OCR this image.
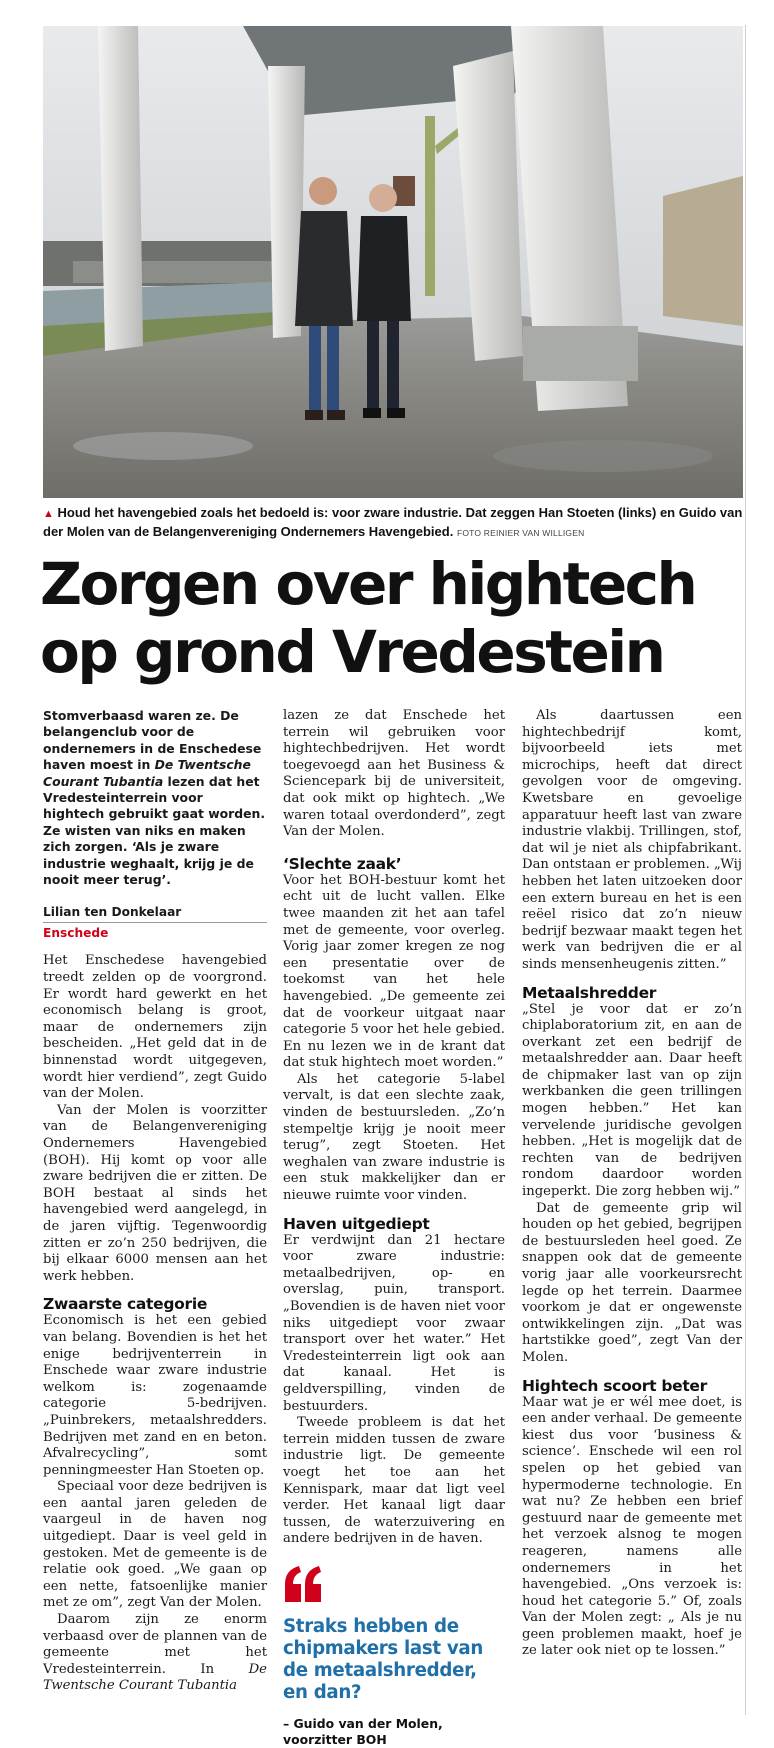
▲ Houd het havengebied zoals het bedoeld is: voor zware industrie. Dat zeggen Han Stoeten (links) en Guido van der Molen van de Belangenvereniging Ondernemers Havengebied. FOTO REINIER VAN WILLIGEN
Zorgen over hightech
op grond Vredestein

Stomverbaasd waren ze. De belangenclub voor de ondernemers in de Enschedese haven moest in De Twentsche Courant Tubantia lezen dat het Vredesteinterrein voor hightech gebruikt gaat worden. Ze wisten van niks en maken zich zorgen. ‘Als je zware industrie weghaalt, krijg je de nooit meer terug’.

Lilian ten Donkelaar
Enschede

Het Enschedese havengebied treedt zelden op de voorgrond. Er wordt hard gewerkt en het economisch belang is groot, maar de ondernemers zijn bescheiden. „Het geld dat in de binnenstad wordt uitgegeven, wordt hier verdiend”, zegt Guido van der Molen.

Van der Molen is voorzitter van de Belangenvereniging Ondernemers Havengebied (BOH). Hij komt op voor alle zware bedrijven die er zitten. De BOH bestaat al sinds het havengebied werd aangelegd, in de jaren vijftig. Tegenwoordig zitten er zo’n 250 bedrijven, die bij elkaar 6000 mensen aan het werk hebben.

Zwaarste categorie

Economisch is het een gebied van belang. Bovendien is het het enige bedrijventerrein in Enschede waar zware industrie welkom is: zogenaamde categorie 5-bedrijven. „Puinbrekers, metaalshredders. Bedrijven met zand en en beton. Afvalrecycling”, somt penningmeester Han Stoeten op.

Speciaal voor deze bedrijven is een aantal jaren geleden de vaargeul in de haven nog uitgediept. Daar is veel geld in gestoken. Met de gemeente is de relatie ook goed. „We gaan op een nette, fatsoenlijke manier met ze om”, zegt Van der Molen.

Daarom zijn ze enorm verbaasd over de plannen van de gemeente met het Vredesteinterrein. In De Twentsche Courant Tubantia

lazen ze dat Enschede het terrein wil gebruiken voor hightechbedrijven. Het wordt toegevoegd aan het Business & Sciencepark bij de universiteit, dat ook mikt op hightech. „We waren totaal overdonderd”, zegt Van der Molen.

‘Slechte zaak’

Voor het BOH-bestuur komt het echt uit de lucht vallen. Elke twee maanden zit het aan tafel met de gemeente, voor overleg. Vorig jaar zomer kregen ze nog een presentatie over de toekomst van het hele havengebied. „De gemeente zei dat de voorkeur uitgaat naar categorie 5 voor het hele gebied. En nu lezen we in de krant dat dat stuk hightech moet worden.”

Als het categorie 5-label vervalt, is dat een slechte zaak, vinden de bestuursleden. „Zo’n stempeltje krijg je nooit meer terug”, zegt Stoeten. Het weghalen van zware industrie is een stuk makkelijker dan er nieuwe ruimte voor vinden.

Haven uitgediept

Er verdwijnt dan 21 hectare voor zware industrie: metaalbedrijven, op- en overslag, puin, transport. „Bovendien is de haven niet voor niks uitgediept voor zwaar transport over het water.” Het Vredesteinterrein ligt ook aan dat kanaal. Het is geldverspilling, vinden de bestuurders.

Tweede probleem is dat het terrein midden tussen de zware industrie ligt. De gemeente voegt het toe aan het Kennispark, maar dat ligt veel verder. Het kanaal ligt daar tussen, de waterzuivering en andere bedrijven in de haven.

Straks hebben de chipmakers last van de metaalshredder, en dan?
– Guido van der Molen, voorzitter BOH

Als daartussen een hightechbedrijf komt, bijvoorbeeld iets met microchips, heeft dat direct gevolgen voor de omgeving. Kwetsbare en gevoelige apparatuur heeft last van zware industrie vlakbij. Trillingen, stof, dat wil je niet als chipfabrikant. Dan ontstaan er problemen. „Wij hebben het laten uitzoeken door een extern bureau en het is een reëel risico dat zo’n nieuw bedrijf bezwaar maakt tegen het werk van bedrijven die er al sinds mensenheugenis zitten.”

Metaalshredder

„Stel je voor dat er zo’n chiplaboratorium zit, en aan de overkant zet een bedrijf de metaalshredder aan. Daar heeft de chipmaker last van op zijn werkbanken die geen trillingen mogen hebben.” Het kan vervelende juridische gevolgen hebben. „Het is mogelijk dat de rechten van de bedrijven rondom daardoor worden ingeperkt. Die zorg hebben wij.”

Dat de gemeente grip wil houden op het gebied, begrijpen de bestuursleden heel goed. Ze snappen ook dat de gemeente vorig jaar alle voorkeursrecht legde op het terrein. Daarmee voorkom je dat er ongewenste ontwikkelingen zijn. „Dat was hartstikke goed”, zegt Van der Molen.

Hightech scoort beter

Maar wat je er wél mee doet, is een ander verhaal. De gemeente kiest dus voor ‘business & science’. Enschede wil een rol spelen op het gebied van hypermoderne technologie. En wat nu? Ze hebben een brief gestuurd naar de gemeente met het verzoek alsnog te mogen reageren, namens alle ondernemers in het havengebied. „Ons verzoek is: houd het categorie 5.” Of, zoals Van der Molen zegt: „ Als je nu geen problemen maakt, hoef je ze later ook niet op te lossen.”
